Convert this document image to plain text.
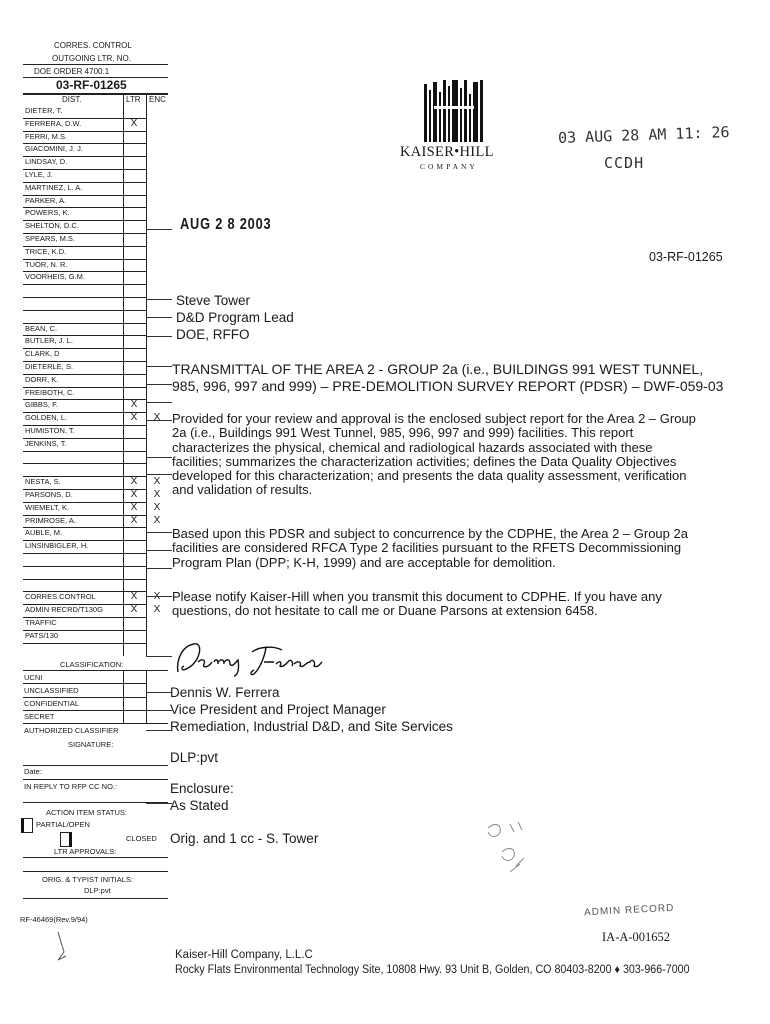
CORRES. CONTROL
OUTGOING LTR. NO.
DOE ORDER 4700.1
03-RF-01265
DIST.	LTR ENC
DIETER, T.
FERRERA, D.W.	X
FERRI, M.S.
GIACOMINI, J. J.
LINDSAY, D.
LYLE, J.
MARTINEZ, L. A.
PARKER, A.
POWERS, K.
SHELTON, D.C.
SPEARS, M.S.
TRICE, K.D.
TUOR, N. R.
VOORHEIS, G.M.
BEAN, C.
BUTLER, J. L.
CLARK, D
DIETERLE, S.
DORR, K.
FREIBOTH, C.
GIBBS, F.	X
GOLDEN, L.	X	X
HUMISTON, T.
JENKINS, T.
NESTA, S.	X	X
PARSONS, D.	X	X
WIEMELT, K.	X	X
PRIMROSE, A.	X	X
AUBLE, M.
LINSINBIGLER, H.
CORRES.CONTROL	X	X
ADMIN RECRD/T130G	X	X
TRAFFIC
PATS/130
CLASSIFICATION:
UCNI
UNCLASSIFIED
CONFIDENTIAL
SECRET
AUTHORIZED CLASSIFIER
SIGNATURE:
Date:
IN REPLY TO RFP CC NO.:
ACTION ITEM STATUS:
PARTIAL/OPEN
CLOSED
LTR APPROVALS:
ORIG. & TYPIST INITIALS:
DLP:pvt
RF-46469(Rev.9/94)
KAISER•HILL
COMPANY
03 AUG 28 AM 11: 26
CCDH
AUG 2 8 2003
03-RF-01265
Steve Tower
D&D Program Lead
DOE, RFFO
TRANSMITTAL OF THE AREA 2 - GROUP 2a (i.e., BUILDINGS 991 WEST TUNNEL,
985, 996, 997 and 999) – PRE-DEMOLITION SURVEY REPORT (PDSR) – DWF-059-03
Provided for your review and approval is the enclosed subject report for the Area 2 – Group
2a (i.e., Buildings 991 West Tunnel, 985, 996, 997 and 999) facilities. This report
characterizes the physical, chemical and radiological hazards associated with these
facilities; summarizes the characterization activities; defines the Data Quality Objectives
developed for this characterization; and presents the data quality assessment, verification
and validation of results.
Based upon this PDSR and subject to concurrence by the CDPHE, the Area 2 – Group 2a
facilities are considered RFCA Type 2 facilities pursuant to the RFETS Decommissioning
Program Plan (DPP; K-H, 1999) and are acceptable for demolition.
Please notify Kaiser-Hill when you transmit this document to CDPHE. If you have any
questions, do not hesitate to call me or Duane Parsons at extension 6458.
Dennis W. Ferrera
Vice President and Project Manager
Remediation, Industrial D&D, and Site Services
DLP:pvt
Enclosure:
As Stated
Orig. and 1 cc - S. Tower
ADMIN RECORD
IA-A-001652
Kaiser-Hill Company, L.L.C
Rocky Flats Environmental Technology Site, 10808 Hwy. 93 Unit B, Golden, CO 80403-8200 ♦ 303-966-7000
